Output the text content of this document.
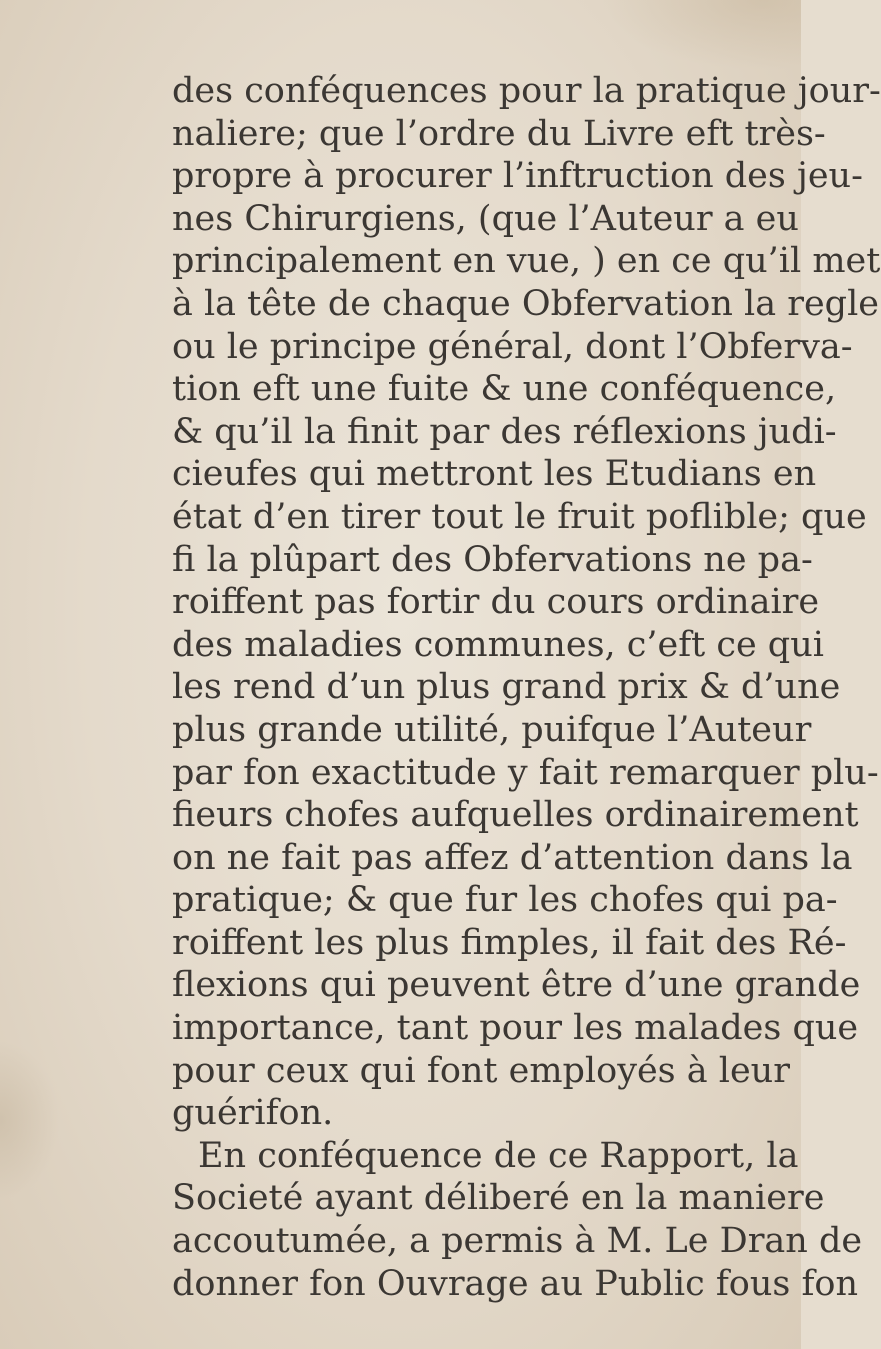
des conféquences pour la pratique jour-
naliere; que l’ordre du Livre eft très-
propre à procurer l’inftruction des jeu-
nes Chirurgiens, (que l’Auteur a eu
principalement en vue, ) en ce qu’il met
à la tête de chaque Obfervation la regle
ou le principe général, dont l’Obferva-
tion eft une fuite & une conféquence,
& qu’il la finit par des réflexions judi-
cieufes qui mettront les Etudians en
état d’en tirer tout le fruit poflible; que
fi la plûpart des Obfervations ne pa-
roiffent pas fortir du cours ordinaire
des maladies communes, c’eft ce qui
les rend d’un plus grand prix & d’une
plus grande utilité, puifque l’Auteur
par fon exactitude y fait remarquer plu-
fieurs chofes aufquelles ordinairement
on ne fait pas affez d’attention dans la
pratique; & que fur les chofes qui pa-
roiffent les plus fimples, il fait des Ré-
flexions qui peuvent être d’une grande
importance, tant pour les malades que
pour ceux qui font employés à leur
guérifon.
En conféquence de ce Rapport, la
Societé ayant déliberé en la maniere
accoutumée, a permis à M. Le Dran de
donner fon Ouvrage au Public fous fon
